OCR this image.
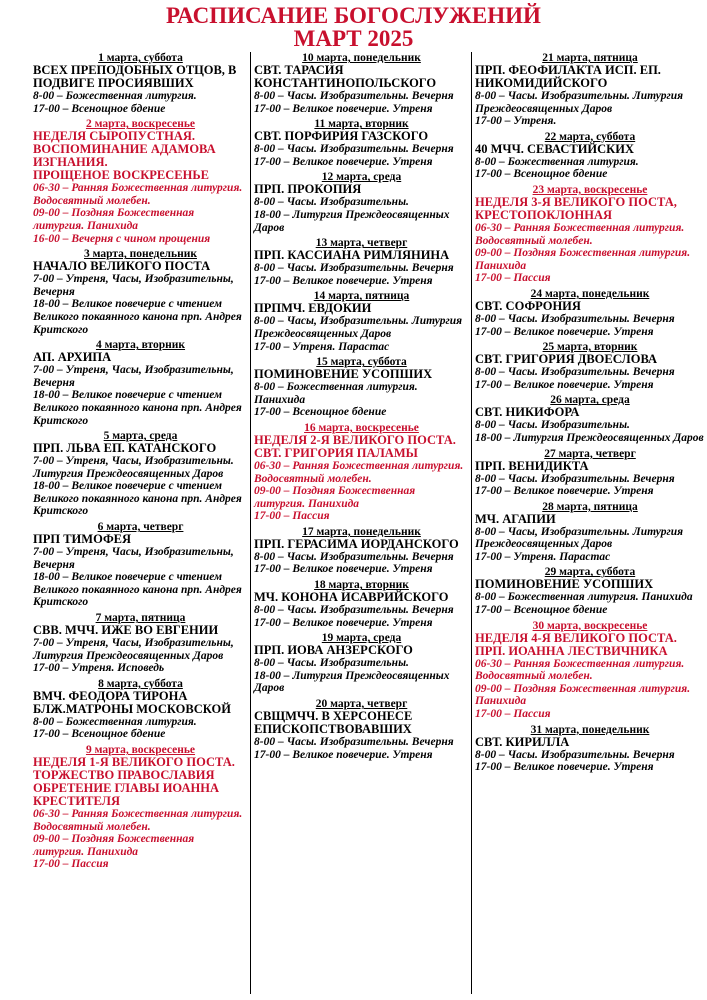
РАСПИСАНИЕ БОГОСЛУЖЕНИЙ
МАРТ 2025
1 марта, суббота
ВСЕХ ПРЕПОДОБНЫХ ОТЦОВ, В ПОДВИГЕ ПРОСИЯВШИХ
8-00 – Божественная литургия.
17-00 – Всенощное бдение
2 марта, воскресенье
НЕДЕЛЯ СЫРОПУСТНАЯ. ВОСПОМИНАНИЕ АДАМОВА ИЗГНАНИЯ.
ПРОЩЕНОЕ ВОСКРЕСЕНЬЕ
06-30 – Ранняя Божественная литургия. Водосвятный молебен.
09-00 – Поздняя Божественная литургия. Панихида
16-00 – Вечерня с чином прощения
3 марта, понедельник
НАЧАЛО ВЕЛИКОГО ПОСТА
7-00 – Утреня, Часы, Изобразительны, Вечерня
18-00 – Великое повечерие с чтением Великого покаянного канона прп. Андрея Критского
4 марта, вторник
АП. АРХИПА
7-00 – Утреня, Часы, Изобразительны, Вечерня
18-00 – Великое повечерие с чтением Великого покаянного канона прп. Андрея Критского
5 марта, среда
ПРП. ЛЬВА ЕП. КАТАНСКОГО
7-00 – Утреня, Часы, Изобразительны. Литургия Преждеосвященных Даров
18-00 – Великое повечерие с чтением Великого покаянного канона прп. Андрея Критского
6 марта, четверг
ПРП ТИМОФЕЯ
7-00 – Утреня, Часы, Изобразительны, Вечерня
18-00 – Великое повечерие с чтением Великого покаянного канона прп. Андрея Критского
7 марта, пятница
СВВ. МЧЧ. ИЖЕ ВО ЕВГЕНИИ
7-00 – Утреня, Часы, Изобразительны, Литургия Преждеосвященных Даров
17-00 – Утреня. Исповедь
8 марта, суббота
ВМЧ. ФЕОДОРА ТИРОНА БЛЖ.МАТРОНЫ МОСКОВСКОЙ
8-00 – Божественная литургия.
17-00 – Всенощное бдение
9 марта, воскресенье
НЕДЕЛЯ 1-Я ВЕЛИКОГО ПОСТА. ТОРЖЕСТВО ПРАВОСЛАВИЯ ОБРЕТЕНИЕ ГЛАВЫ ИОАННА КРЕСТИТЕЛЯ
06-30 – Ранняя Божественная литургия. Водосвятный молебен.
09-00 – Поздняя Божественная литургия. Панихида
17-00 – Пассия
10 марта, понедельник
СВТ. ТАРАСИЯ КОНСТАНТИНОПОЛЬСКОГО
8-00 – Часы. Изобразительны. Вечерня
17-00 – Великое повечерие. Утреня
11 марта, вторник
СВТ. ПОРФИРИЯ ГАЗСКОГО
8-00 – Часы. Изобразительны. Вечерня
17-00 – Великое повечерие. Утреня
12 марта, среда
ПРП. ПРОКОПИЯ
8-00 – Часы. Изобразительны.
18-00 – Литургия Преждеосвященных Даров
13 марта, четверг
ПРП. КАССИАНА РИМЛЯНИНА
8-00 – Часы. Изобразительны. Вечерня
17-00 – Великое повечерие. Утреня
14 марта, пятница
ПРПМЧ. ЕВДОКИИ
8-00 – Часы, Изобразительны. Литургия Преждеосвященных Даров
17-00 – Утреня. Парастас
15 марта, суббота
ПОМИНОВЕНИЕ УСОПШИХ
8-00 – Божественная литургия. Панихида
17-00 – Всенощное бдение
16 марта, воскресенье
НЕДЕЛЯ 2-Я ВЕЛИКОГО ПОСТА.
СВТ. ГРИГОРИЯ ПАЛАМЫ
06-30 – Ранняя Божественная литургия. Водосвятный молебен.
09-00 – Поздняя Божественная литургия. Панихида
17-00 – Пассия
17 марта, понедельник
ПРП. ГЕРАСИМА ИОРДАНСКОГО
8-00 – Часы. Изобразительны. Вечерня
17-00 – Великое повечерие. Утреня
18 марта, вторник
МЧ. КОНОНА ИСАВРИЙСКОГО
8-00 – Часы. Изобразительны. Вечерня
17-00 – Великое повечерие. Утреня
19 марта, среда
ПРП. ИОВА АНЗЕРСКОГО
8-00 – Часы. Изобразительны.
18-00 – Литургия Преждеосвященных Даров
20 марта, четверг
СВЩМЧЧ. В ХЕРСОНЕСЕ ЕПИСКОПСТВОВАВШИХ
8-00 – Часы. Изобразительны. Вечерня
17-00 – Великое повечерие. Утреня
21 марта, пятница
ПРП. ФЕОФИЛАКТА ИСП. ЕП. НИКОМИДИЙСКОГО
8-00 – Часы. Изобразительны. Литургия Преждеосвященных Даров
17-00 – Утреня.
22 марта, суббота
40 МЧЧ. СЕВАСТИЙСКИХ
8-00 – Божественная литургия.
17-00 – Всенощное бдение
23 марта, воскресенье
НЕДЕЛЯ 3-Я ВЕЛИКОГО ПОСТА, КРЕСТОПОКЛОННАЯ
06-30 – Ранняя Божественная литургия. Водосвятный молебен.
09-00 – Поздняя Божественная литургия. Панихида
17-00 – Пассия
24 марта, понедельник
СВТ. СОФРОНИЯ
8-00 – Часы. Изобразительны. Вечерня
17-00 – Великое повечерие. Утреня
25 марта, вторник
СВТ. ГРИГОРИЯ ДВОЕСЛОВА
8-00 – Часы. Изобразительны. Вечерня
17-00 – Великое повечерие. Утреня
26 марта, среда
СВТ. НИКИФОРА
8-00 – Часы. Изобразительны.
18-00 – Литургия Преждеосвященных Даров
27 марта, четверг
ПРП. ВЕНИДИКТА
8-00 – Часы. Изобразительны. Вечерня
17-00 – Великое повечерие. Утреня
28 марта, пятница
МЧ. АГАПИИ
8-00 – Часы, Изобразительны. Литургия Преждеосвященных Даров
17-00 – Утреня. Парастас
29 марта, суббота
ПОМИНОВЕНИЕ УСОПШИХ
8-00 – Божественная литургия. Панихида
17-00 – Всенощное бдение
30 марта, воскресенье
НЕДЕЛЯ 4-Я ВЕЛИКОГО ПОСТА.
ПРП. ИОАННА ЛЕСТВИЧНИКА
06-30 – Ранняя Божественная литургия. Водосвятный молебен.
09-00 – Поздняя Божественная литургия. Панихида
17-00 – Пассия
31 марта, понедельник
СВТ. КИРИЛЛА
8-00 – Часы. Изобразительны. Вечерня
17-00 – Великое повечерие. Утреня
